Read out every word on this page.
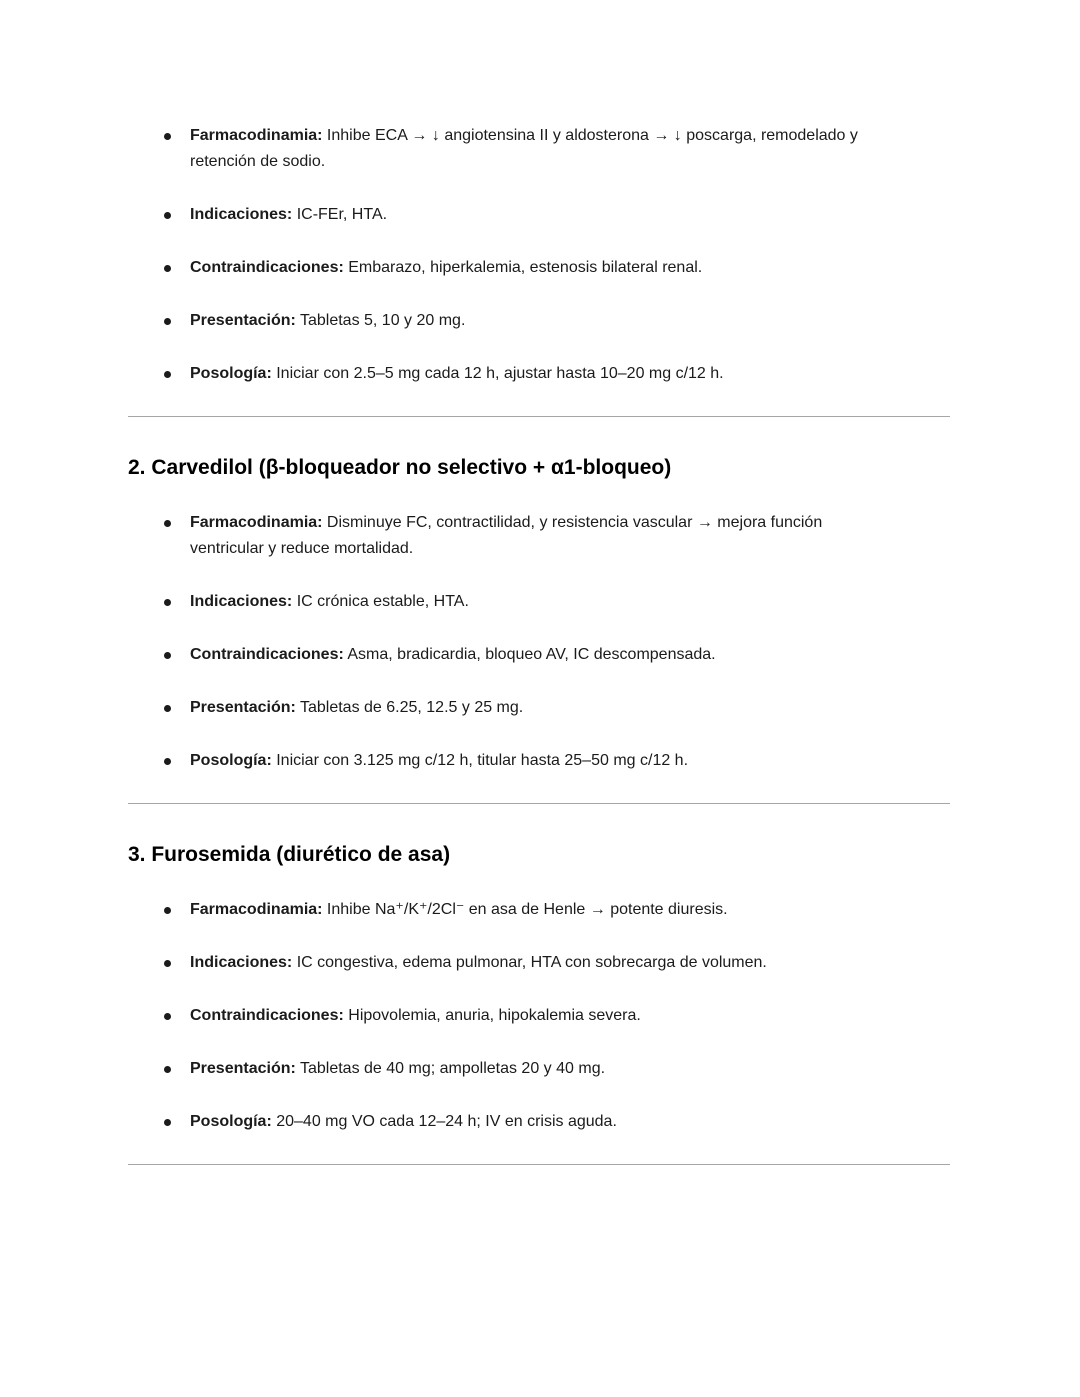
Farmacodinamia: Inhibe ECA → ↓ angiotensina II y aldosterona → ↓ poscarga, remodelado y retención de sodio.
Indicaciones: IC-FEr, HTA.
Contraindicaciones: Embarazo, hiperkalemia, estenosis bilateral renal.
Presentación: Tabletas 5, 10 y 20 mg.
Posología: Iniciar con 2.5–5 mg cada 12 h, ajustar hasta 10–20 mg c/12 h.
2. Carvedilol (β-bloqueador no selectivo + α1-bloqueo)
Farmacodinamia: Disminuye FC, contractilidad, y resistencia vascular → mejora función ventricular y reduce mortalidad.
Indicaciones: IC crónica estable, HTA.
Contraindicaciones: Asma, bradicardia, bloqueo AV, IC descompensada.
Presentación: Tabletas de 6.25, 12.5 y 25 mg.
Posología: Iniciar con 3.125 mg c/12 h, titular hasta 25–50 mg c/12 h.
3. Furosemida (diurético de asa)
Farmacodinamia: Inhibe Na⁺/K⁺/2Cl⁻ en asa de Henle → potente diuresis.
Indicaciones: IC congestiva, edema pulmonar, HTA con sobrecarga de volumen.
Contraindicaciones: Hipovolemia, anuria, hipokalemia severa.
Presentación: Tabletas de 40 mg; ampolletas 20 y 40 mg.
Posología: 20–40 mg VO cada 12–24 h; IV en crisis aguda.
